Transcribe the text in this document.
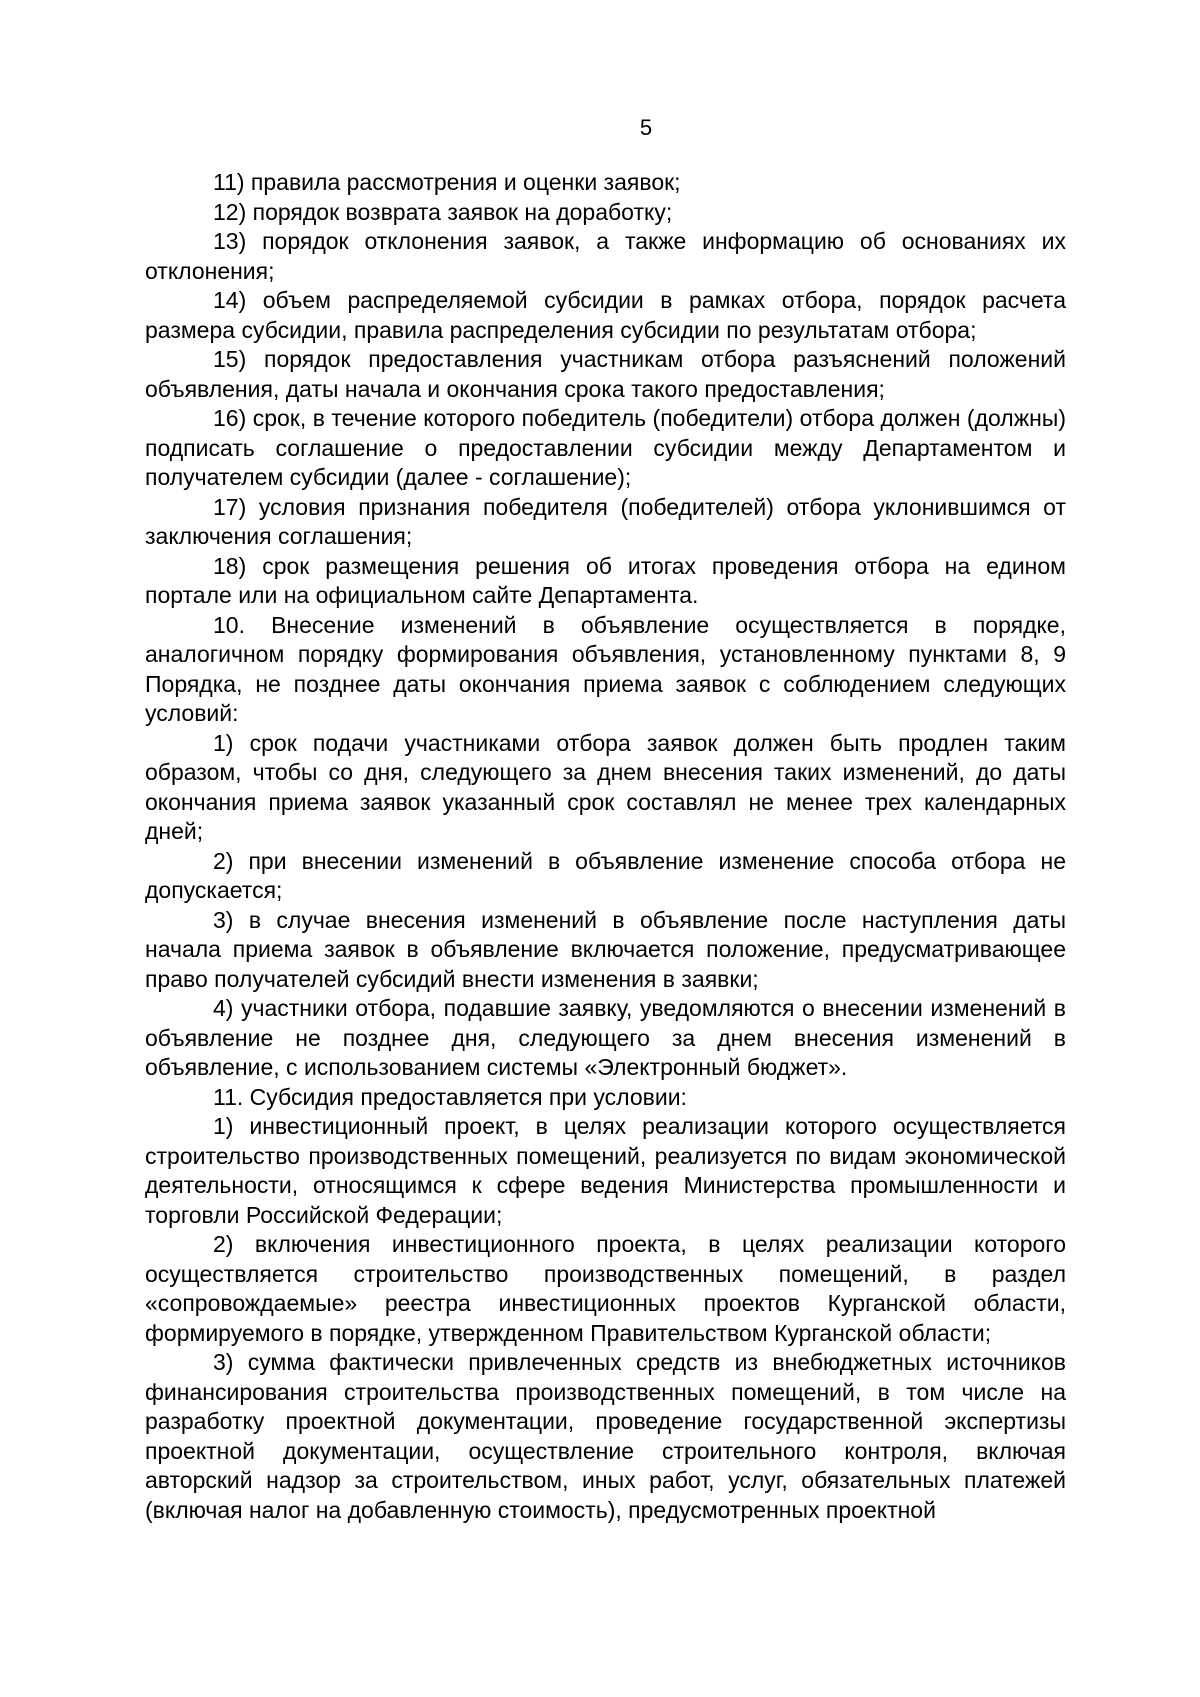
5

11) правила рассмотрения и оценки заявок;

12) порядок возврата заявок на доработку;

13) порядок отклонения заявок, а также информацию об основаниях их отклонения;

14) объем распределяемой субсидии в рамках отбора, порядок расчета размера субсидии, правила распределения субсидии по результатам отбора;

15) порядок предоставления участникам отбора разъяснений положений объявления, даты начала и окончания срока такого предоставления;

16) срок, в течение которого победитель (победители) отбора должен (должны) подписать соглашение о предоставлении субсидии между Департаментом и получателем субсидии (далее - соглашение);

17) условия признания победителя (победителей) отбора уклонившимся от заключения соглашения;

18) срок размещения решения об итогах проведения отбора на едином портале или на официальном сайте Департамента.

10. Внесение изменений в объявление осуществляется в порядке, аналогичном порядку формирования объявления, установленному пунктами 8, 9 Порядка, не позднее даты окончания приема заявок с соблюдением следующих условий:

1) срок подачи участниками отбора заявок должен быть продлен таким образом, чтобы со дня, следующего за днем внесения таких изменений, до даты окончания приема заявок указанный срок составлял не менее трех календарных дней;

2) при внесении изменений в объявление изменение способа отбора не допускается;

3) в случае внесения изменений в объявление после наступления даты начала приема заявок в объявление включается положение, предусматривающее право получателей субсидий внести изменения в заявки;

4) участники отбора, подавшие заявку, уведомляются о внесении изменений в объявление не позднее дня, следующего за днем внесения изменений в объявление, с использованием системы «Электронный бюджет».

11. Субсидия предоставляется при условии:

1) инвестиционный проект, в целях реализации которого осуществляется строительство производственных помещений, реализуется по видам экономической деятельности, относящимся к сфере ведения Министерства промышленности и торговли Российской Федерации;

2) включения инвестиционного проекта, в целях реализации которого осуществляется строительство производственных помещений, в раздел «сопровождаемые» реестра инвестиционных проектов Курганской области, формируемого в порядке, утвержденном Правительством Курганской области;

3) сумма фактически привлеченных средств из внебюджетных источников финансирования строительства производственных помещений, в том числе на разработку проектной документации, проведение государственной экспертизы проектной документации, осуществление строительного контроля, включая авторский надзор за строительством, иных работ, услуг, обязательных платежей (включая налог на добавленную стоимость), предусмотренных проектной
